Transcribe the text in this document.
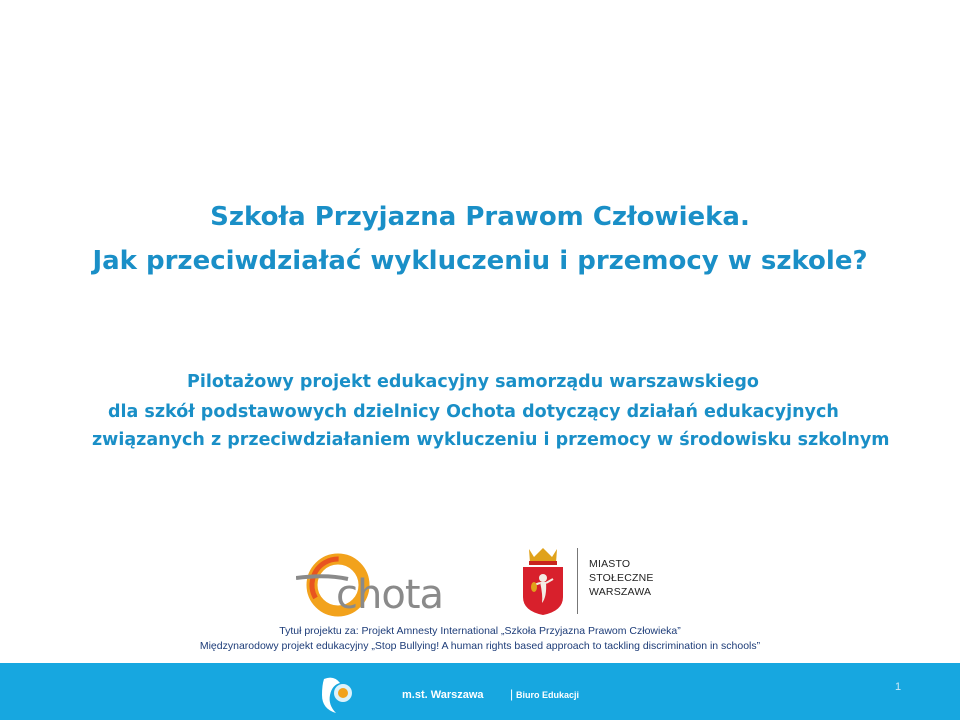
Szkoła Przyjazna Prawom Człowieka.
Jak przeciwdziałać wykluczeniu i przemocy w szkole?

Pilotażowy projekt edukacyjny samorządu warszawskiego

dla szkół podstawowych dzielnicy Ochota dotyczący działań edukacyjnych

związanych z przeciwdziałaniem wykluczeniu i przemocy w środowisku szkolnym

chota
MIASTO
STOŁECZNE
WARSZAWA

Tytuł projektu za: Projekt Amnesty International „Szkoła Przyjazna Prawom Człowieka”

Międzynarodowy projekt edukacyjny „Stop Bullying! A human rights based approach to tackling discrimination in schools”

m.st. Warszawa | Biuro Edukacji
1
